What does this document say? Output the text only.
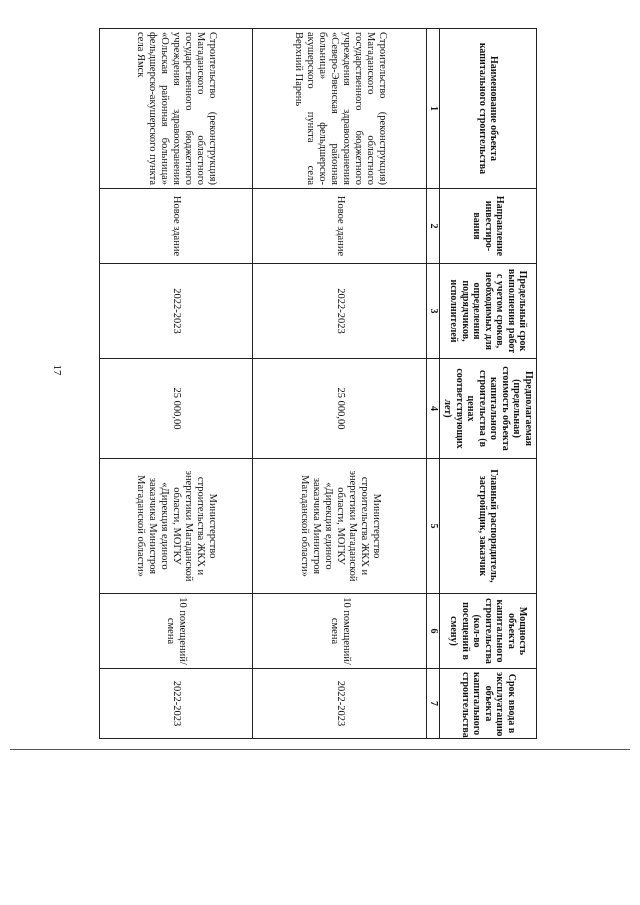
17
Наименование объекта капитального строительства	Направление инвестиро-вания	Предельный срок выполнения работ с учетом сроков, необходимых для определения подрядчиков, исполнителей	Предполагаемая (предельная) стоимость объекта капитального строительства (в ценах соответствующих лет)	Главный распорядитель, застройщик, заказчик	Мощность объекта капитального строительства (кол-во посещений в смену)	Срок ввода в эксплуатацию объекта капитального строительства
1	2	3	4	5	6	7
Строительство (реконструкция) Магаданского областного государственного бюджетного учреждения здравоохранения «Северо-Эвенская районная больница» фельдшерско-акушерского пункта села Верхний Парень	Новое здание	2022-2023	25 000,00	Министерство строительства ЖКХ и энергетики Магаданской области, МОГКУ «Дирекция единого заказчика Министроя Магаданской области»	10 помещений/смена	2022-2023
Строительство (реконструкция) Магаданского областного государственного бюджетного учреждения здравоохранения «Ольская районная больница» фельдшерско-акушерского пункта села Ямск	Новое здание	2022-2023	25 000,00	Министерство строительства ЖКХ и энергетики Магаданской области, МОГКУ «Дирекция единого заказчика Министроя Магаданской области»	10 помещений/смена	2022-2023
